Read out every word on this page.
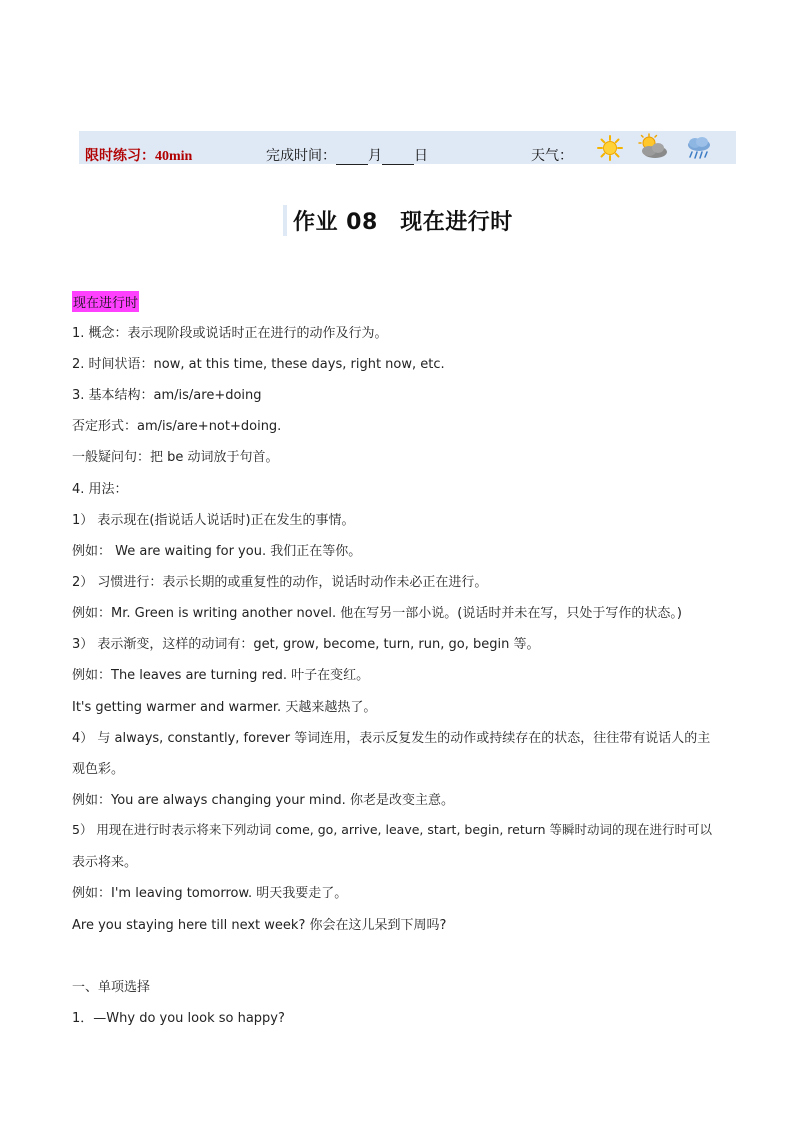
限时练习：40min	完成时间： 月 日	天气：
作业 08　现在进行时
现在进行时
1. 概念：表示现阶段或说话时正在进行的动作及行为。
2. 时间状语：now, at this time, these days, right now, etc.
3. 基本结构：am/is/are+doing
否定形式：am/is/are+not+doing.
一般疑问句：把 be 动词放于句首。
4. 用法：
1） 表示现在(指说话人说话时)正在发生的事情。
例如： We are waiting for you. 我们正在等你。
2） 习惯进行：表示长期的或重复性的动作，说话时动作未必正在进行。
例如：Mr. Green is writing another novel. 他在写另一部小说。(说话时并未在写，只处于写作的状态。)
3） 表示渐变，这样的动词有：get, grow, become, turn, run, go, begin 等。
例如：The leaves are turning red. 叶子在变红。
It's getting warmer and warmer. 天越来越热了。
4） 与 always, constantly, forever 等词连用，表示反复发生的动作或持续存在的状态，往往带有说话人的主
观色彩。
例如：You are always changing your mind. 你老是改变主意。
5） 用现在进行时表示将来下列动词 come, go, arrive, leave, start, begin, return 等瞬时动词的现在进行时可以
表示将来。
例如：I'm leaving tomorrow. 明天我要走了。
Are you staying here till next week? 你会在这儿呆到下周吗?
一、单项选择
1．—Why do you look so happy?
